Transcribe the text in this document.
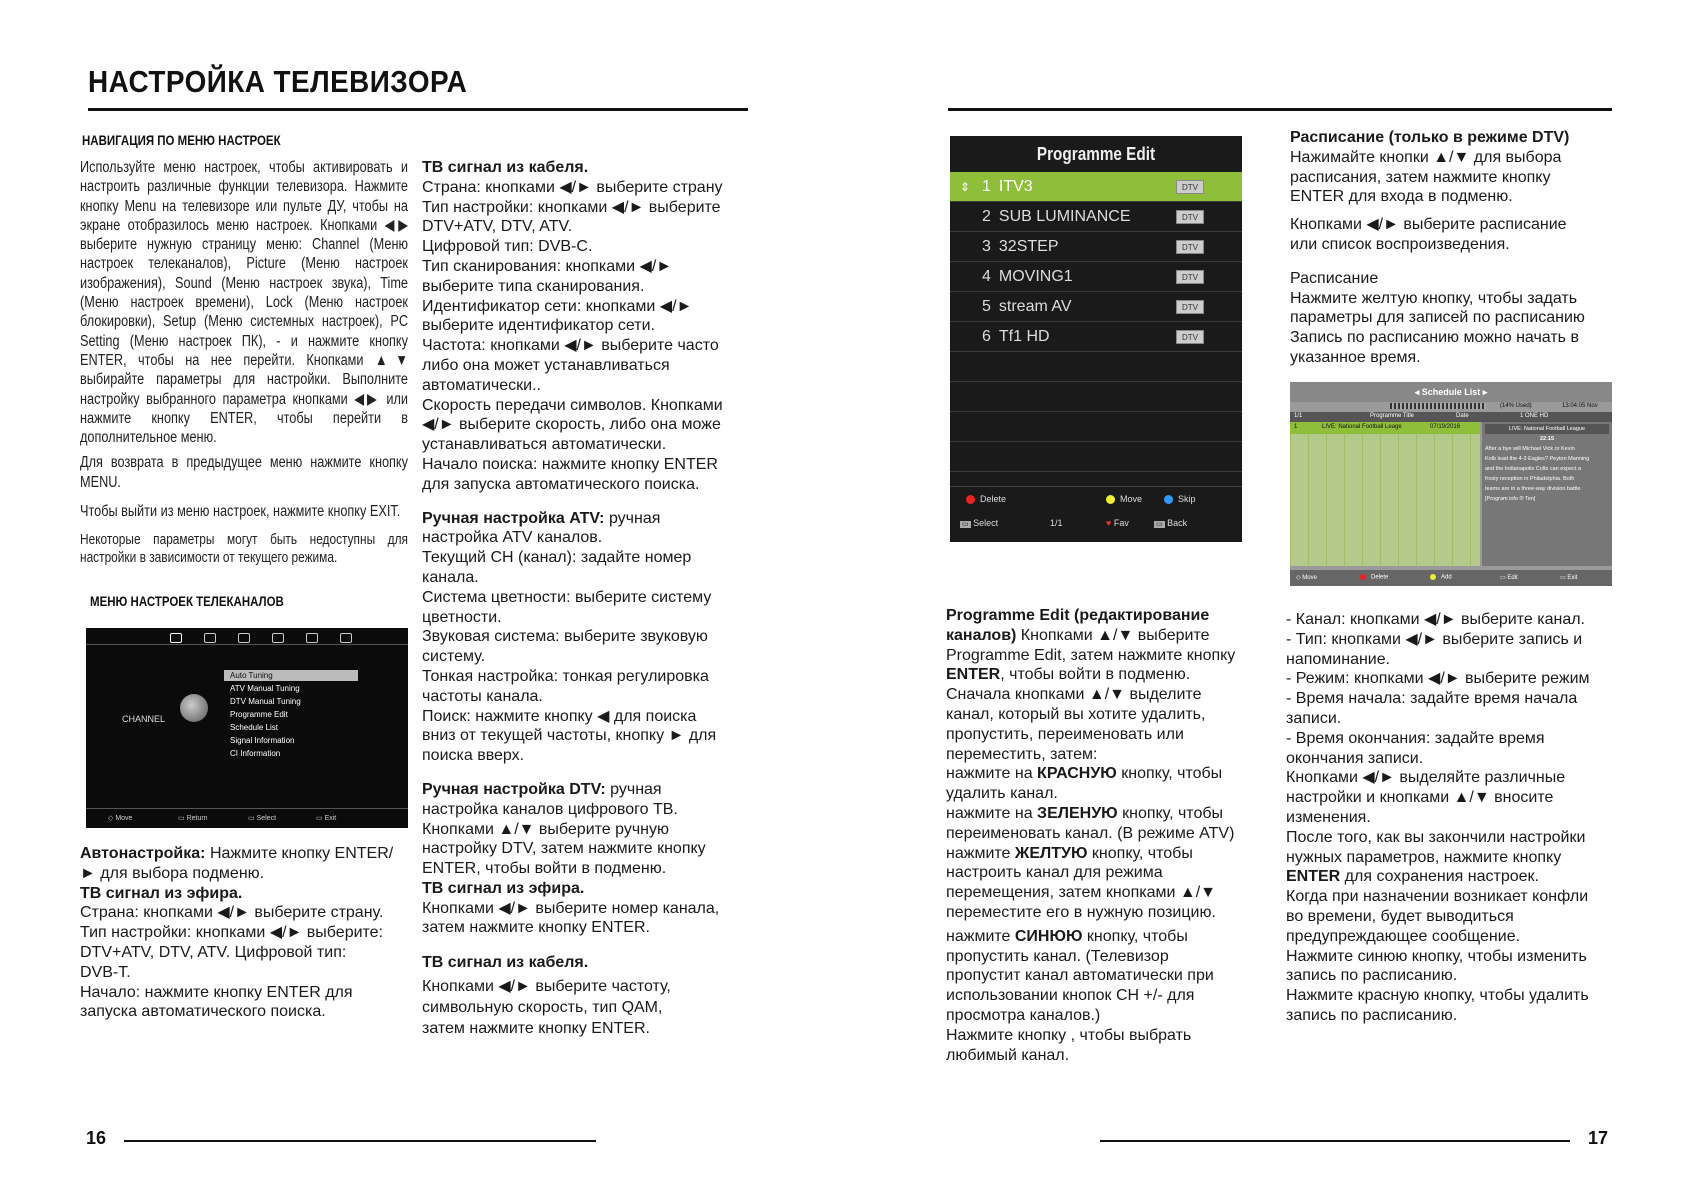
НАСТРОЙКА ТЕЛЕВИЗОРА
НАВИГАЦИЯ ПО МЕНЮ НАСТРОЕК

Используйте меню настроек, чтобы активировать и настроить различные функции телевизора. Нажмите кнопку Menu на телевизоре или пульте ДУ, чтобы на экране отобразилось меню настроек. Кнопками ◀▶ выберите нужную страницу меню: Channel (Меню настроек телеканалов), Picture (Меню настроек изображения), Sound (Меню настроек звука), Time (Меню настроек времени), Lock (Меню настроек блокировки), Setup (Меню системных настроек), PC Setting (Меню настроек ПК), - и нажмите кнопку ENTER, чтобы на нее перейти. Кнопками ▲▼ выбирайте параметры для настройки. Выполните настройку выбранного параметра кнопками ◀▶ или нажмите кнопку ENTER, чтобы перейти в дополнительное меню.

Для возврата в предыдущее меню нажмите кнопку MENU.

Чтобы выйти из меню настроек, нажмите кнопку EXIT.

Некоторые параметры могут быть недоступны для настройки в зависимости от текущего режима.

МЕНЮ НАСТРОЕК ТЕЛЕКАНАЛОВ
CHANNEL
Auto Tuning
ATV Manual Tuning
DTV Manual Tuning
Programme Edit
Schedule List
Signal Information
CI Information
◇ Move	▭ Return	▭ Select	▭ Exit
Автонастройка: Нажмите кнопку ENTER/
► для выбора подменю.
ТВ сигнал из эфира.
Страна: кнопками ◀/► выберите страну.
Тип настройки: кнопками ◀/► выберите:
DTV+ATV, DTV, ATV. Цифровой тип:
DVB-T.
Начало: нажмите кнопку ENTER для
запуска автоматического поиска.
ТВ сигнал из кабеля.
Страна: кнопками ◀/► выберите страну
Тип настройки: кнопками ◀/► выберите
DTV+ATV, DTV, ATV.
Цифровой тип: DVB-C.
Тип сканирования: кнопками ◀/►
выберите типа сканирования.
Идентификатор сети: кнопками ◀/►
выберите идентификатор сети.
Частота: кнопками ◀/► выберите часто
либо она может устанавливаться
автоматически..
Скорость передачи символов. Кнопками
◀/► выберите скорость, либо она може
устанавливаться автоматически.
Начало поиска: нажмите кнопку ENTER
для запуска автоматического поиска.
Ручная настройка ATV: ручная
настройка ATV каналов.
Текущий CH (канал): задайте номер
канала.
Система цветности: выберите систему
цветности.
Звуковая система: выберите звуковую
систему.
Тонкая настройка: тонкая регулировка
частоты канала.
Поиск: нажмите кнопку ◀ для поиска
вниз от текущей частоты, кнопку ► для
поиска вверх.
Ручная настройка DTV: ручная
настройка каналов цифрового ТВ.
Кнопками ▲/▼ выберите ручную
настройку DTV, затем нажмите кнопку
ENTER, чтобы войти в подменю.
ТВ сигнал из эфира.
Кнопками ◀/► выберите номер канала,
затем нажмите кнопку ENTER.
ТВ сигнал из кабеля.
Кнопками ◀/► выберите частоту,
символьную скорость, тип QAM,
затем нажмите кнопку ENTER.
16
Programme Edit
⇕ 1 ITV3	DTV
2 SUB LUMINANCE	DTV
3 32STEP	DTV
4 MOVING1	DTV
5 stream AV	DTV
6 Tf1 HD	DTV
Delete	Move	Skip
▭ Select	1/1	♥ Fav	▭ Back
Расписание (только в режиме DTV)
Нажимайте кнопки ▲/▼ для выбора
расписания, затем нажмите кнопку
ENTER для входа в подменю.
Кнопками ◀/► выберите расписание
или список воспроизведения.
Расписание
Нажмите желтую кнопку, чтобы задать
параметры для записей по расписанию
Запись по расписанию можно начать в
указанное время.
◂ Schedule List ▸
(14% Used)	13:04:05 Nov
1/1	Programme Title	Date	1 ONE HD
1	LIVE: National Football Leage	07/19/2016	LIVE: National Football League
22:15
After a bye will Michael Vick or Kevin
Kolb lead the 4-3 Eagles? Peyton Manning
and the Indianapolis Colts can expect a
frosty reception in Philadelphia. Both
teams are in a three-way division battle.
[Program info ® Ten]
◇ Move	Delete	Add	▭ Edit	▭ Exit
Programme Edit (редактирование
каналов) Кнопками ▲/▼ выберите
Programme Edit, затем нажмите кнопку
ENTER, чтобы войти в подменю.
Сначала кнопками ▲/▼ выделите
канал, который вы хотите удалить,
пропустить, переименовать или
переместить, затем:
нажмите на КРАСНУЮ кнопку, чтобы
удалить канал.
нажмите на ЗЕЛЕНУЮ кнопку, чтобы
переименовать канал. (В режиме ATV)
нажмите ЖЕЛТУЮ кнопку, чтобы
настроить канал для режима
перемещения, затем кнопками ▲/▼
переместите его в нужную позицию.
нажмите СИНЮЮ кнопку, чтобы
пропустить канал. (Телевизор
пропустит канал автоматически при
использовании кнопок CH +/- для
просмотра каналов.)
Нажмите кнопку , чтобы выбрать
любимый канал.
- Канал: кнопками ◀/► выберите канал.
- Тип: кнопками ◀/► выберите запись и
напоминание.
- Режим: кнопками ◀/► выберите режим
- Время начала: задайте время начала
записи.
- Время окончания: задайте время
окончания записи.
Кнопками ◀/► выделяйте различные
настройки и кнопками ▲/▼ вносите
изменения.
После того, как вы закончили настройки
нужных параметров, нажмите кнопку
ENTER для сохранения настроек.
Когда при назначении возникает конфли
во времени, будет выводиться
предупреждающее сообщение.
Нажмите синюю кнопку, чтобы изменить
запись по расписанию.
Нажмите красную кнопку, чтобы удалить
запись по расписанию.
17
